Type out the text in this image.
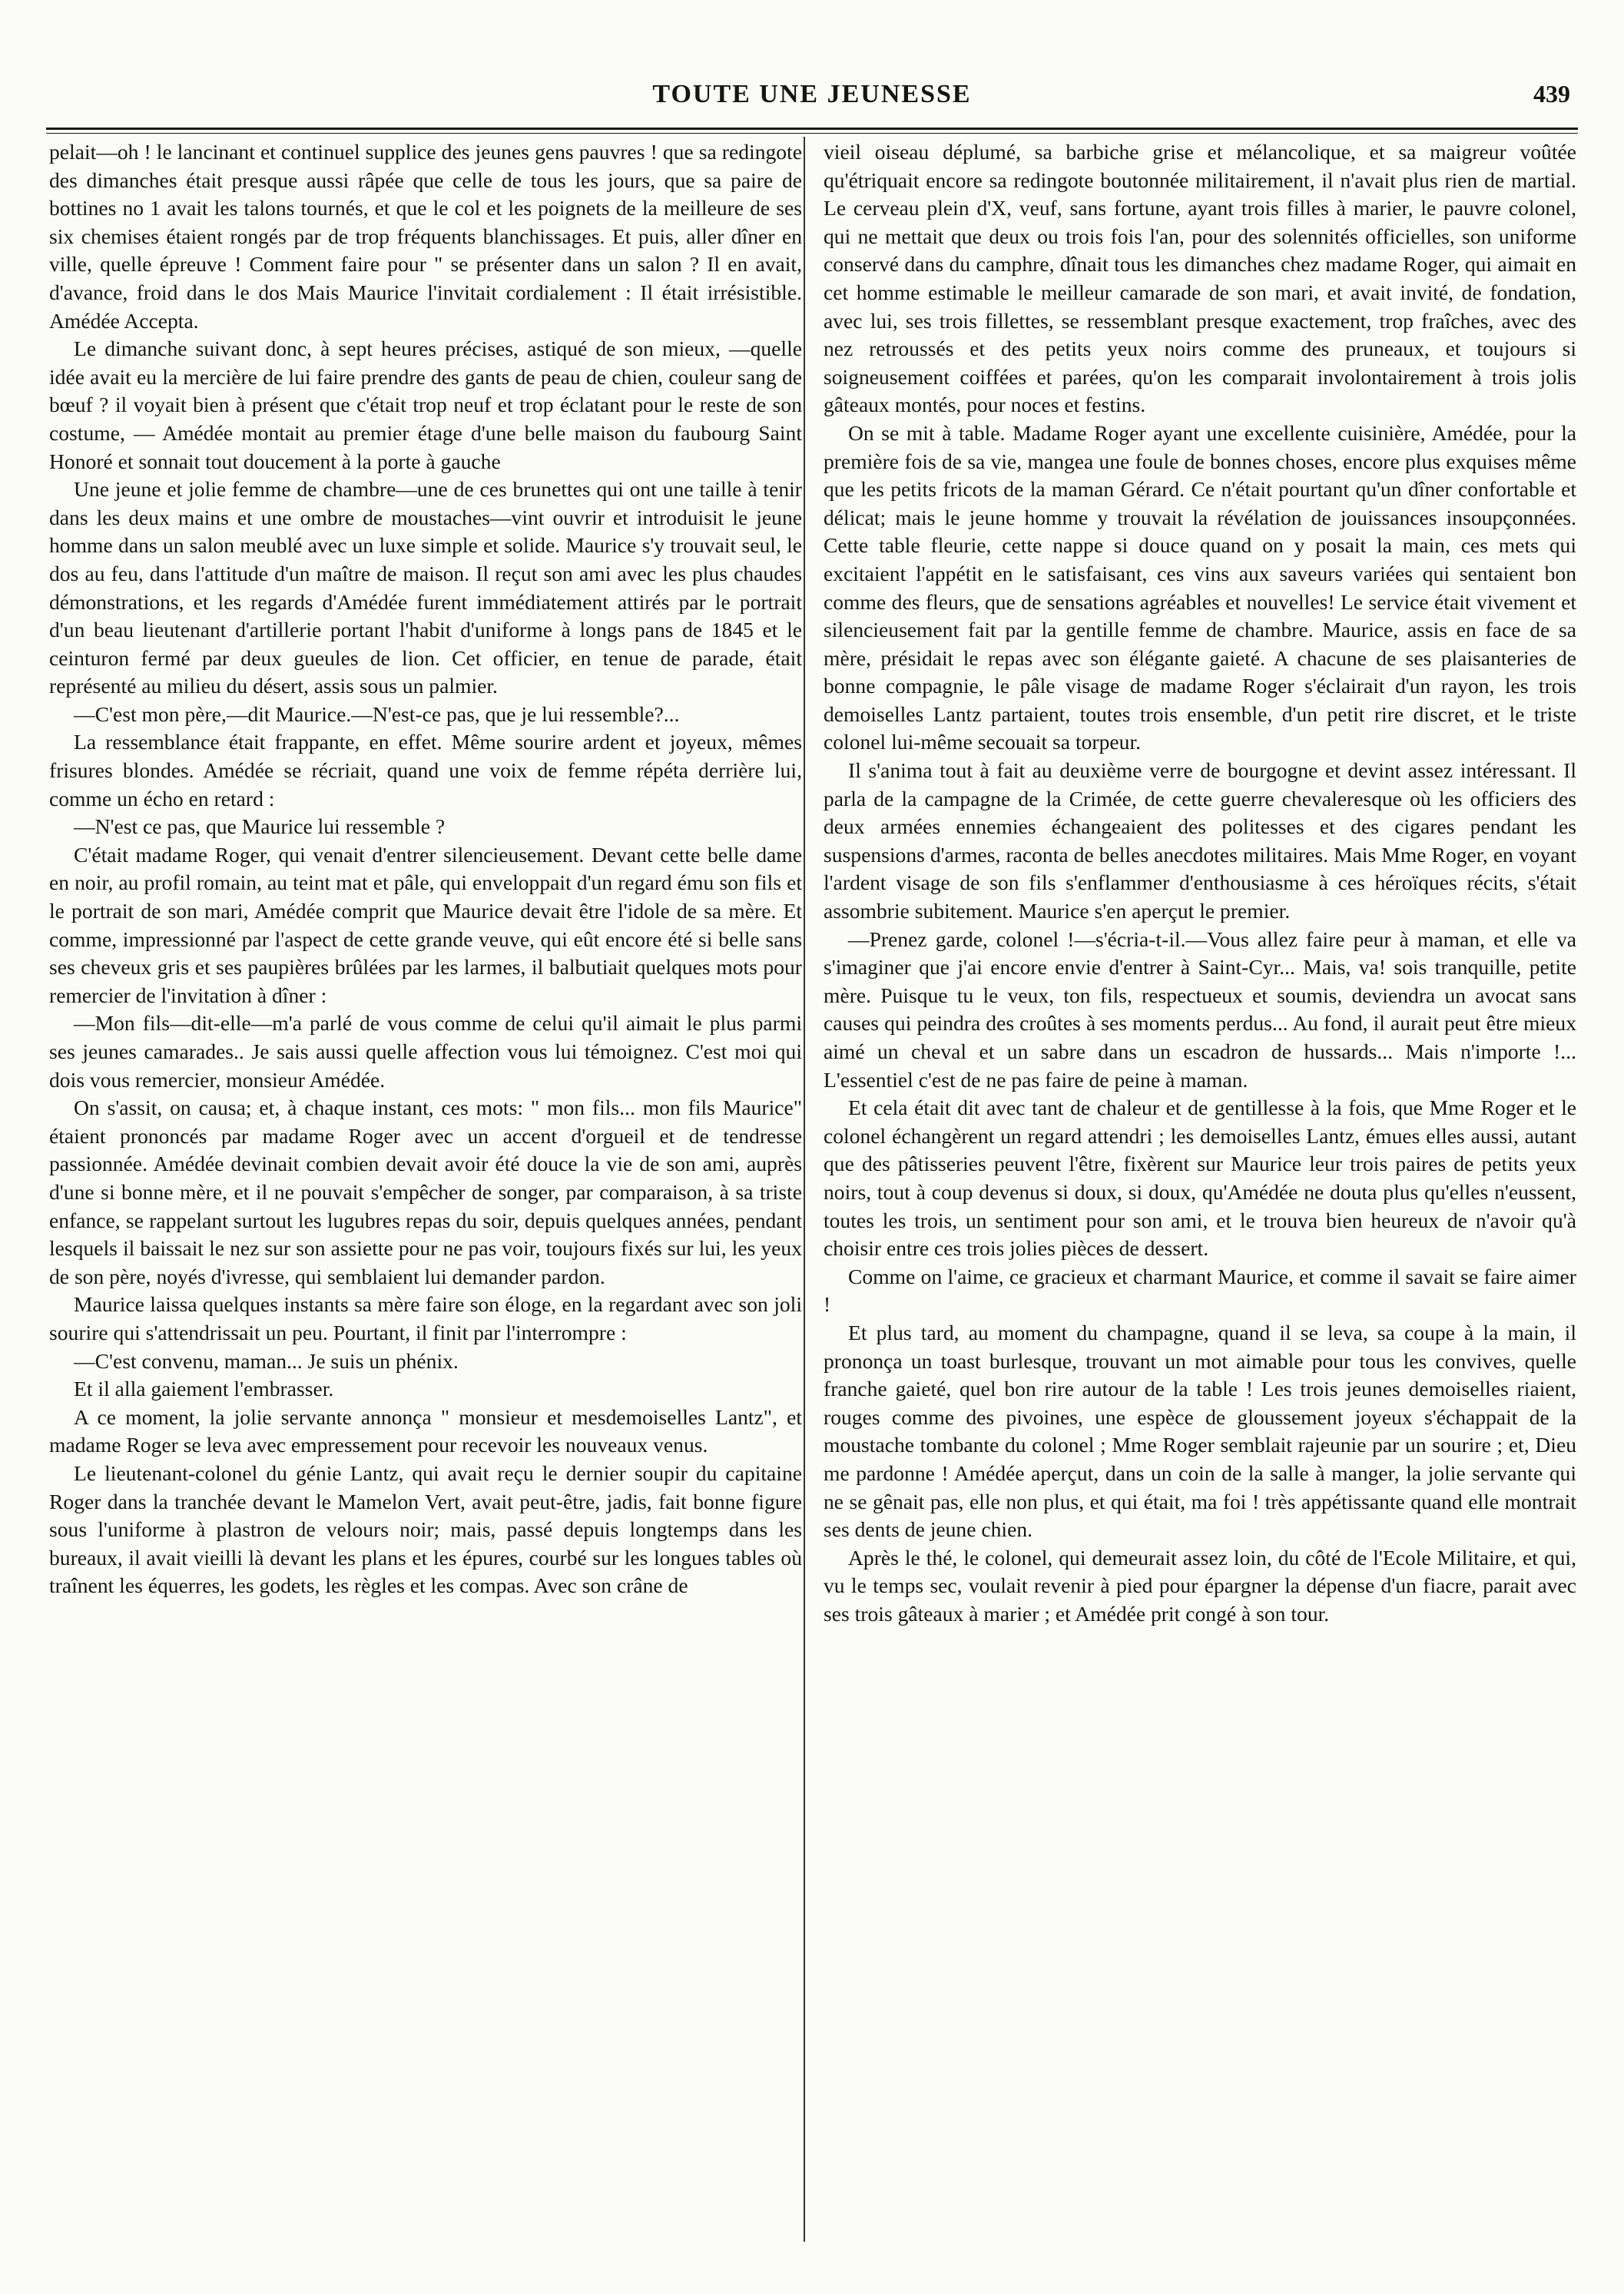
TOUTE UNE JEUNESSE	439

pelait—oh ! le lancinant et continuel supplice des jeunes gens pauvres ! que sa redingote des dimanches était presque aussi râpée que celle de tous les jours, que sa paire de bottines no 1 avait les talons tournés, et que le col et les poignets de la meilleure de ses six chemises étaient rongés par de trop fréquents blanchissages. Et puis, aller dîner en ville, quelle épreuve ! Comment faire pour " se présenter dans un salon ? Il en avait, d'avance, froid dans le dos Mais Maurice l'invitait cordialement : Il était irrésistible. Amédée Accepta.

Le dimanche suivant donc, à sept heures précises, astiqué de son mieux, —quelle idée avait eu la mercière de lui faire prendre des gants de peau de chien, couleur sang de bœuf ? il voyait bien à présent que c'était trop neuf et trop éclatant pour le reste de son costume, — Amédée montait au premier étage d'une belle maison du faubourg Saint Honoré et sonnait tout doucement à la porte à gauche

Une jeune et jolie femme de chambre—une de ces brunettes qui ont une taille à tenir dans les deux mains et une ombre de moustaches—vint ouvrir et introduisit le jeune homme dans un salon meublé avec un luxe simple et solide. Maurice s'y trouvait seul, le dos au feu, dans l'attitude d'un maître de maison. Il reçut son ami avec les plus chaudes démonstrations, et les regards d'Amédée furent immédiatement attirés par le portrait d'un beau lieutenant d'artillerie portant l'habit d'uniforme à longs pans de 1845 et le ceinturon fermé par deux gueules de lion. Cet officier, en tenue de parade, était représenté au milieu du désert, assis sous un palmier.

—C'est mon père,—dit Maurice.—N'est-ce pas, que je lui ressemble?...

La ressemblance était frappante, en effet. Même sourire ardent et joyeux, mêmes frisures blondes. Amédée se récriait, quand une voix de femme répéta derrière lui, comme un écho en retard :

—N'est ce pas, que Maurice lui ressemble ?

C'était madame Roger, qui venait d'entrer silencieusement. Devant cette belle dame en noir, au profil romain, au teint mat et pâle, qui enveloppait d'un regard ému son fils et le portrait de son mari, Amédée comprit que Maurice devait être l'idole de sa mère. Et comme, impressionné par l'aspect de cette grande veuve, qui eût encore été si belle sans ses cheveux gris et ses paupières brûlées par les larmes, il balbutiait quelques mots pour remercier de l'invitation à dîner :

—Mon fils—dit-elle—m'a parlé de vous comme de celui qu'il aimait le plus parmi ses jeunes camarades.. Je sais aussi quelle affection vous lui témoignez. C'est moi qui dois vous remercier, monsieur Amédée.

On s'assit, on causa; et, à chaque instant, ces mots: " mon fils... mon fils Maurice" étaient prononcés par madame Roger avec un accent d'orgueil et de tendresse passionnée. Amédée devinait combien devait avoir été douce la vie de son ami, auprès d'une si bonne mère, et il ne pouvait s'empêcher de songer, par comparaison, à sa triste enfance, se rappelant surtout les lugubres repas du soir, depuis quelques années, pendant lesquels il baissait le nez sur son assiette pour ne pas voir, toujours fixés sur lui, les yeux de son père, noyés d'ivresse, qui semblaient lui demander pardon.

Maurice laissa quelques instants sa mère faire son éloge, en la regardant avec son joli sourire qui s'attendrissait un peu. Pourtant, il finit par l'interrompre :

—C'est convenu, maman... Je suis un phénix.

Et il alla gaiement l'embrasser.

A ce moment, la jolie servante annonça " monsieur et mesdemoiselles Lantz", et madame Roger se leva avec empressement pour recevoir les nouveaux venus.

Le lieutenant-colonel du génie Lantz, qui avait reçu le dernier soupir du capitaine Roger dans la tranchée devant le Mamelon Vert, avait peut-être, jadis, fait bonne figure sous l'uniforme à plastron de velours noir; mais, passé depuis longtemps dans les bureaux, il avait vieilli là devant les plans et les épures, courbé sur les longues tables où traînent les équerres, les godets, les règles et les compas. Avec son crâne de

vieil oiseau déplumé, sa barbiche grise et mélancolique, et sa maigreur voûtée qu'étriquait encore sa redingote boutonnée militairement, il n'avait plus rien de martial. Le cerveau plein d'X, veuf, sans fortune, ayant trois filles à marier, le pauvre colonel, qui ne mettait que deux ou trois fois l'an, pour des solennités officielles, son uniforme conservé dans du camphre, dînait tous les dimanches chez madame Roger, qui aimait en cet homme estimable le meilleur camarade de son mari, et avait invité, de fondation, avec lui, ses trois fillettes, se ressemblant presque exactement, trop fraîches, avec des nez retroussés et des petits yeux noirs comme des pruneaux, et toujours si soigneusement coiffées et parées, qu'on les comparait involontairement à trois jolis gâteaux montés, pour noces et festins.

On se mit à table. Madame Roger ayant une excellente cuisinière, Amédée, pour la première fois de sa vie, mangea une foule de bonnes choses, encore plus exquises même que les petits fricots de la maman Gérard. Ce n'était pourtant qu'un dîner confortable et délicat; mais le jeune homme y trouvait la révélation de jouissances insoupçonnées. Cette table fleurie, cette nappe si douce quand on y posait la main, ces mets qui excitaient l'appétit en le satisfaisant, ces vins aux saveurs variées qui sentaient bon comme des fleurs, que de sensations agréables et nouvelles! Le service était vivement et silencieusement fait par la gentille femme de chambre. Maurice, assis en face de sa mère, présidait le repas avec son élégante gaieté. A chacune de ses plaisanteries de bonne compagnie, le pâle visage de madame Roger s'éclairait d'un rayon, les trois demoiselles Lantz partaient, toutes trois ensemble, d'un petit rire discret, et le triste colonel lui-même secouait sa torpeur.

Il s'anima tout à fait au deuxième verre de bourgogne et devint assez intéressant. Il parla de la campagne de la Crimée, de cette guerre chevaleresque où les officiers des deux armées ennemies échangeaient des politesses et des cigares pendant les suspensions d'armes, raconta de belles anecdotes militaires. Mais Mme Roger, en voyant l'ardent visage de son fils s'enflammer d'enthousiasme à ces héroïques récits, s'était assombrie subitement. Maurice s'en aperçut le premier.

—Prenez garde, colonel !—s'écria-t-il.—Vous allez faire peur à maman, et elle va s'imaginer que j'ai encore envie d'entrer à Saint-Cyr... Mais, va! sois tranquille, petite mère. Puisque tu le veux, ton fils, respectueux et soumis, deviendra un avocat sans causes qui peindra des croûtes à ses moments perdus... Au fond, il aurait peut être mieux aimé un cheval et un sabre dans un escadron de hussards... Mais n'importe !... L'essentiel c'est de ne pas faire de peine à maman.

Et cela était dit avec tant de chaleur et de gentillesse à la fois, que Mme Roger et le colonel échangèrent un regard attendri ; les demoiselles Lantz, émues elles aussi, autant que des pâtisseries peuvent l'être, fixèrent sur Maurice leur trois paires de petits yeux noirs, tout à coup devenus si doux, si doux, qu'Amédée ne douta plus qu'elles n'eussent, toutes les trois, un sentiment pour son ami, et le trouva bien heureux de n'avoir qu'à choisir entre ces trois jolies pièces de dessert.

Comme on l'aime, ce gracieux et charmant Maurice, et comme il savait se faire aimer !

Et plus tard, au moment du champagne, quand il se leva, sa coupe à la main, il prononça un toast burlesque, trouvant un mot aimable pour tous les convives, quelle franche gaieté, quel bon rire autour de la table ! Les trois jeunes demoiselles riaient, rouges comme des pivoines, une espèce de gloussement joyeux s'échappait de la moustache tombante du colonel ; Mme Roger semblait rajeunie par un sourire ; et, Dieu me pardonne ! Amédée aperçut, dans un coin de la salle à manger, la jolie servante qui ne se gênait pas, elle non plus, et qui était, ma foi ! très appétissante quand elle montrait ses dents de jeune chien.

Après le thé, le colonel, qui demeurait assez loin, du côté de l'Ecole Militaire, et qui, vu le temps sec, voulait revenir à pied pour épargner la dépense d'un fiacre, parait avec ses trois gâteaux à marier ; et Amédée prit congé à son tour.
